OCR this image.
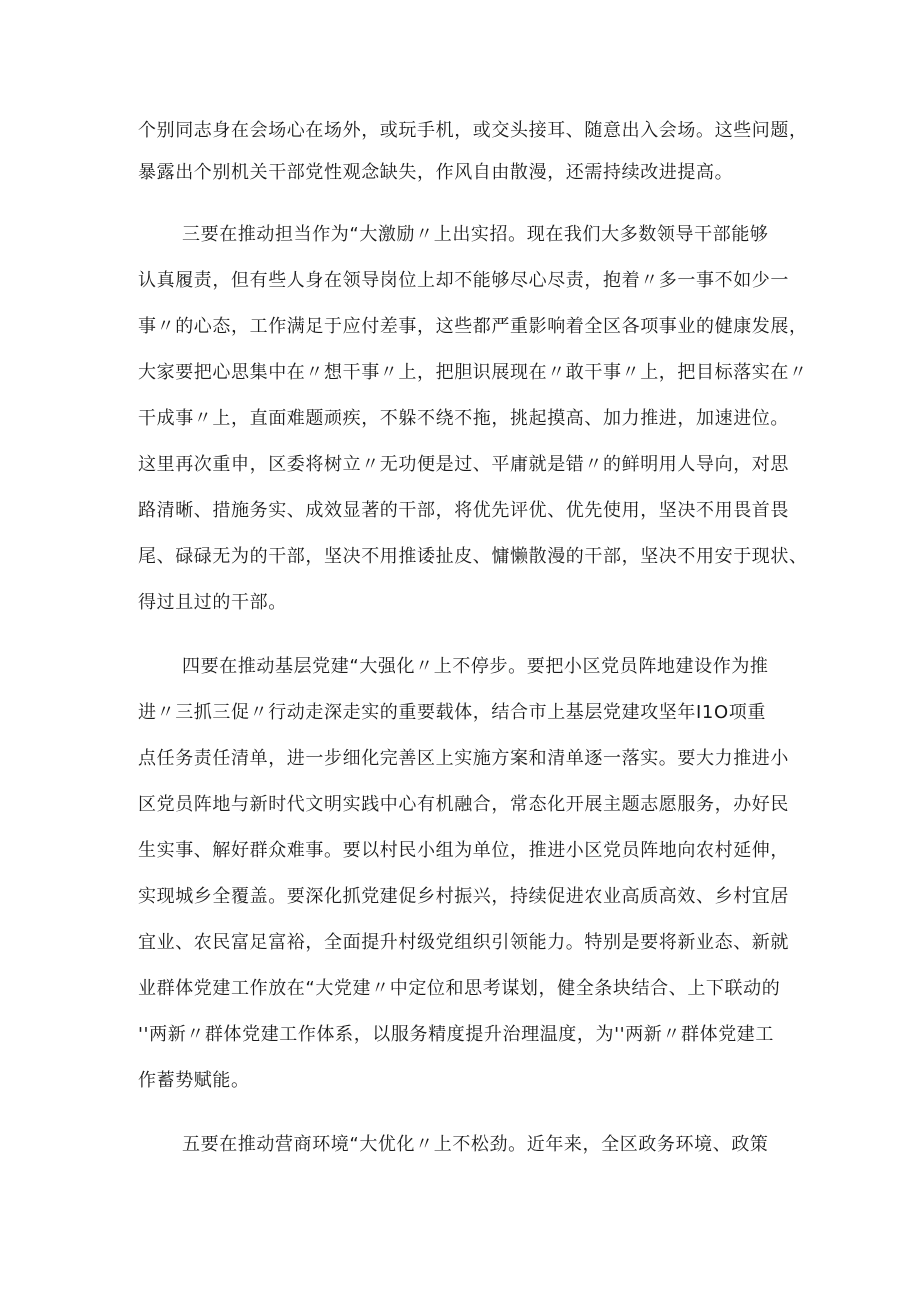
个别同志身在会场心在场外，或玩手机，或交头接耳、随意出入会场。这些问题，
暴露出个别机关干部党性观念缺失，作风自由散漫，还需持续改进提高。
三要在推动担当作为“大激励〃上出实招。现在我们大多数领导干部能够
认真履责，但有些人身在领导岗位上却不能够尽心尽责，抱着〃多一事不如少一
事〃的心态，工作满足于应付差事，这些都严重影响着全区各项事业的健康发展，
大家要把心思集中在〃想干事〃上，把胆识展现在〃敢干事〃上，把目标落实在〃
干成事〃上，直面难题顽疾，不躲不绕不拖，挑起摸高、加力推进，加速进位。
这里再次重申，区委将树立〃无功便是过、平庸就是错〃的鲜明用人导向，对思
路清晰、措施务实、成效显著的干部，将优先评优、优先使用，坚决不用畏首畏
尾、碌碌无为的干部，坚决不用推诿扯皮、慵懒散漫的干部，坚决不用安于现状、
得过且过的干部。
四要在推动基层党建“大强化〃上不停步。要把小区党员阵地建设作为推
进〃三抓三促〃行动走深走实的重要载体，结合市上基层党建攻坚年I1O项重
点任务责任清单，进一步细化完善区上实施方案和清单逐一落实。要大力推进小
区党员阵地与新时代文明实践中心有机融合，常态化开展主题志愿服务，办好民
生实事、解好群众难事。要以村民小组为单位，推进小区党员阵地向农村延伸，
实现城乡全覆盖。要深化抓党建促乡村振兴，持续促进农业高质高效、乡村宜居
宜业、农民富足富裕，全面提升村级党组织引领能力。特别是要将新业态、新就
业群体党建工作放在“大党建〃中定位和思考谋划，健全条块结合、上下联动的
''两新〃群体党建工作体系，以服务精度提升治理温度，为''两新〃群体党建工
作蓄势赋能。
五要在推动营商环境“大优化〃上不松劲。近年来，全区政务环境、政策
